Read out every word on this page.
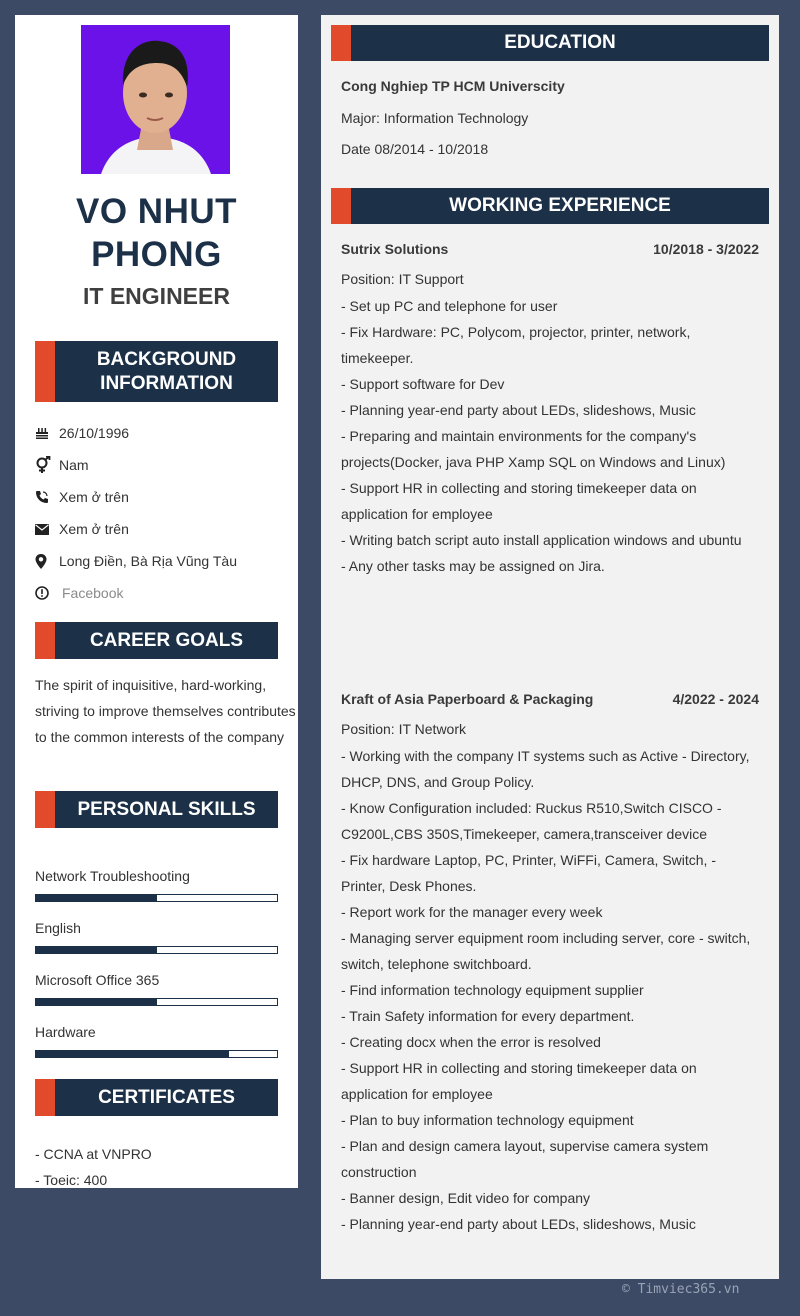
VO NHUT PHONG
IT ENGINEER
BACKGROUND INFORMATION
26/10/1996
Nam
Xem ở trên
Xem ở trên
Long Điền, Bà Rịa Vũng Tàu
Facebook
CAREER GOALS
The spirit of inquisitive, hard-working, striving to improve themselves contributes to the common interests of the company
PERSONAL SKILLS
Network Troubleshooting
English
Microsoft Office 365
Hardware
CERTIFICATES
- CCNA at VNPRO
- Toeic: 400
EDUCATION
Cong Nghiep TP HCM Universcity
Major: Information Technology
Date 08/2014 - 10/2018
WORKING EXPERIENCE
Sutrix Solutions	10/2018 - 3/2022
Position: IT Support
- Set up PC and telephone for user
- Fix Hardware: PC, Polycom, projector, printer, network, timekeeper.
- Support software for Dev
- Planning year-end party about LEDs, slideshows, Music
- Preparing and maintain environments for the company's projects(Docker, java PHP Xamp SQL on Windows and Linux)
- Support HR in collecting and storing timekeeper data on application for employee
- Writing batch script auto install application windows and ubuntu
- Any other tasks may be assigned on Jira.
Kraft of Asia Paperboard & Packaging	4/2022 - 2024
Position: IT Network
- Working with the company IT systems such as Active - Directory, DHCP, DNS, and Group Policy.
- Know Configuration included: Ruckus R510,Switch CISCO - C9200L,CBS 350S,Timekeeper, camera,transceiver device
- Fix hardware Laptop, PC, Printer, WiFFi, Camera, Switch, - Printer, Desk Phones.
- Report work for the manager every week
- Managing server equipment room including server, core - switch, switch, telephone switchboard.
- Find information technology equipment supplier
- Train Safety information for every department.
- Creating docx when the error is resolved
- Support HR in collecting and storing timekeeper data on application for employee
- Plan to buy information technology equipment
- Plan and design camera layout, supervise camera system construction
- Banner design, Edit video for company
- Planning year-end party about LEDs, slideshows, Music
© Timviec365.vn
